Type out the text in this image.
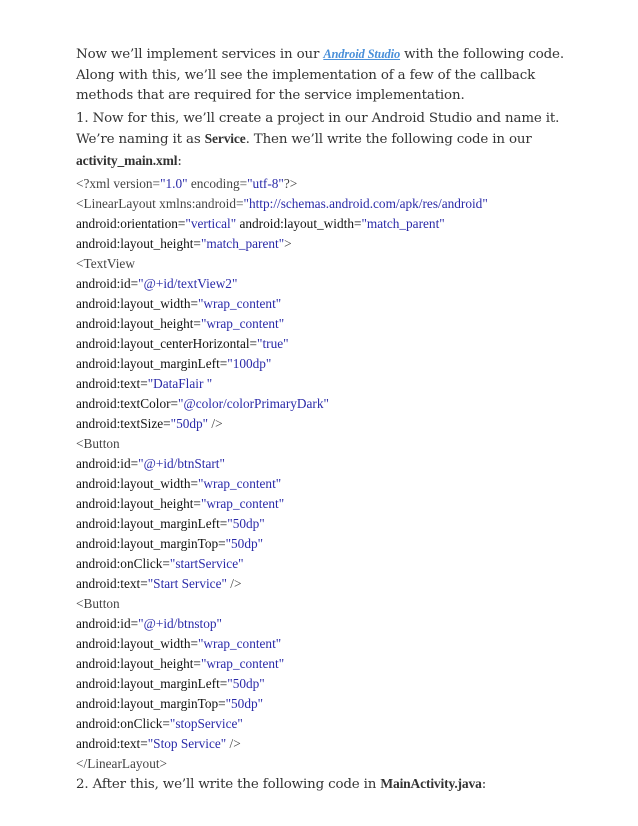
Now we’ll implement services in our Android Studio with the following code. Along with this, we’ll see the implementation of a few of the callback methods that are required for the service implementation.

1. Now for this, we’ll create a project in our Android Studio and name it. We’re naming it as Service. Then we’ll write the following code in our activity_main.xml:

<?xml version="1.0" encoding="utf-8"?>
<LinearLayout xmlns:android="http://schemas.android.com/apk/res/android"
android:orientation="vertical" android:layout_width="match_parent"
android:layout_height="match_parent">
<TextView
android:id="@+id/textView2"
android:layout_width="wrap_content"
android:layout_height="wrap_content"
android:layout_centerHorizontal="true"
android:layout_marginLeft="100dp"
android:text="DataFlair "
android:textColor="@color/colorPrimaryDark"
android:textSize="50dp" />
<Button
android:id="@+id/btnStart"
android:layout_width="wrap_content"
android:layout_height="wrap_content"
android:layout_marginLeft="50dp"
android:layout_marginTop="50dp"
android:onClick="startService"
android:text="Start Service" />
<Button
android:id="@+id/btnstop"
android:layout_width="wrap_content"
android:layout_height="wrap_content"
android:layout_marginLeft="50dp"
android:layout_marginTop="50dp"
android:onClick="stopService"
android:text="Stop Service" />
</LinearLayout>

2. After this, we’ll write the following code in MainActivity.java:
